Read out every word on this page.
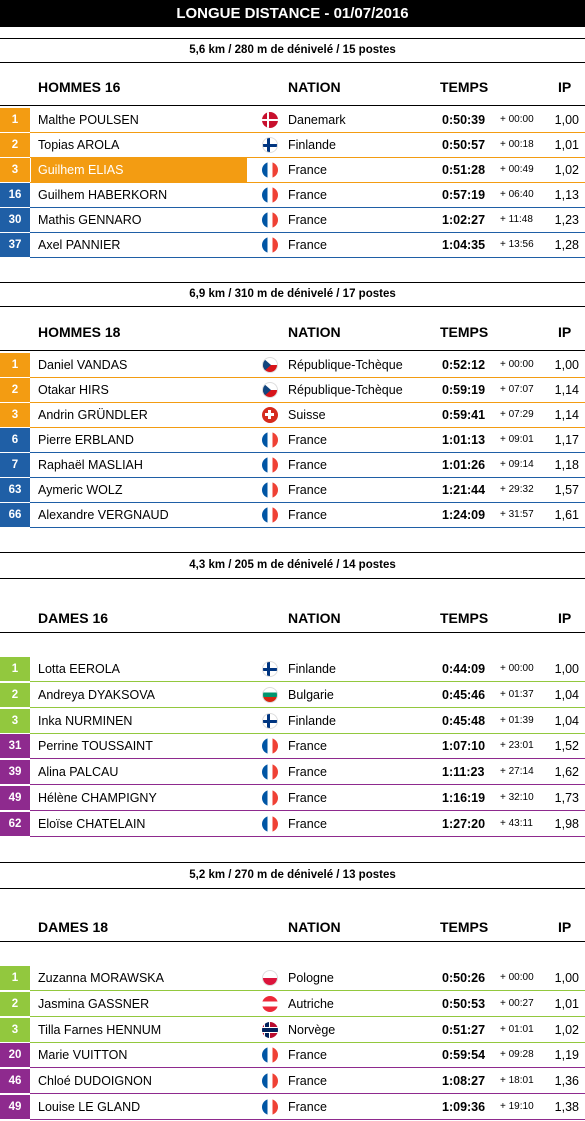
LONGUE DISTANCE - 01/07/2016
5,6 km / 280 m de dénivelé / 15 postes
HOMMES 16	NATION	TEMPS	IP
1	Malthe POULSEN	Danemark	0:50:39 + 00:00 1,00
2	Topias AROLA	Finlande	0:50:57 + 00:18 1,01
3	Guilhem ELIAS	France	0:51:28 + 00:49 1,02
16	Guilhem HABERKORN	France	0:57:19 + 06:40 1,13
30	Mathis GENNARO	France	1:02:27 + 11:48 1,23
37	Axel PANNIER	France	1:04:35 + 13:56 1,28
6,9 km / 310 m de dénivelé / 17 postes
HOMMES 18	NATION	TEMPS	IP
1	Daniel VANDAS	République-Tchèque	0:52:12 + 00:00 1,00
2	Otakar HIRS	République-Tchèque	0:59:19 + 07:07 1,14
3	Andrin GRÜNDLER	Suisse	0:59:41 + 07:29 1,14
6	Pierre ERBLAND	France	1:01:13 + 09:01 1,17
7	Raphaël MASLIAH	France	1:01:26 + 09:14 1,18
63	Aymeric WOLZ	France	1:21:44 + 29:32 1,57
66	Alexandre VERGNAUD	France	1:24:09 + 31:57 1,61
4,3 km / 205 m de dénivelé / 14 postes
DAMES 16	NATION	TEMPS	IP
1	Lotta EEROLA	Finlande	0:44:09 + 00:00 1,00
2	Andreya DYAKSOVA	Bulgarie	0:45:46 + 01:37 1,04
3	Inka NURMINEN	Finlande	0:45:48 + 01:39 1,04
31	Perrine TOUSSAINT	France	1:07:10 + 23:01 1,52
39	Alina PALCAU	France	1:11:23 + 27:14 1,62
49	Hélène CHAMPIGNY	France	1:16:19 + 32:10 1,73
62	Eloïse CHATELAIN	France	1:27:20 + 43:11 1,98
5,2 km / 270 m de dénivelé / 13 postes
DAMES 18	NATION	TEMPS	IP
1	Zuzanna MORAWSKA	Pologne	0:50:26 + 00:00 1,00
2	Jasmina GASSNER	Autriche	0:50:53 + 00:27 1,01
3	Tilla Farnes HENNUM	Norvège	0:51:27 + 01:01 1,02
20	Marie VUITTON	France	0:59:54 + 09:28 1,19
46	Chloé DUDOIGNON	France	1:08:27 + 18:01 1,36
49	Louise LE GLAND	France	1:09:36 + 19:10 1,38
